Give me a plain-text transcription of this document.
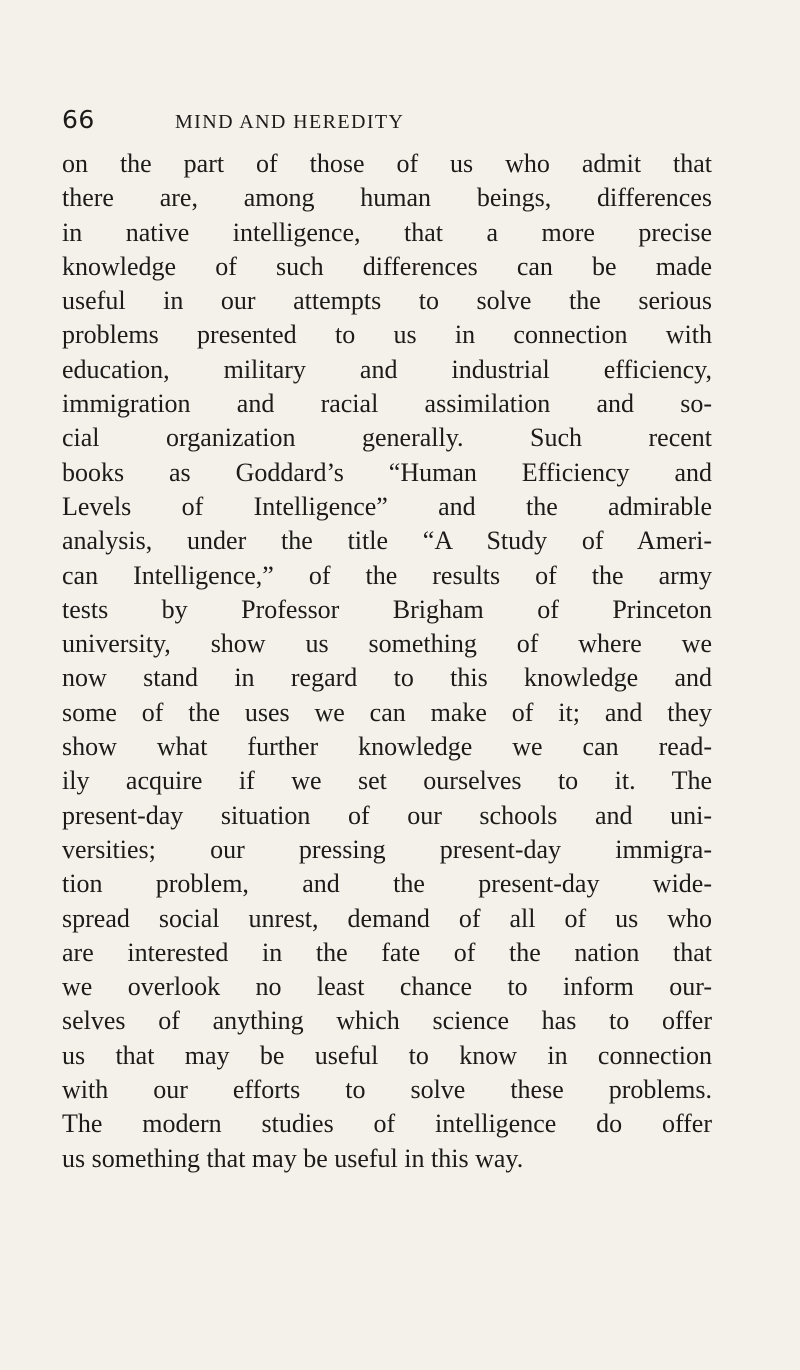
66	MIND AND HEREDITY
on the part of those of us who admit that
there are, among human beings, differences
in native intelligence, that a more precise
knowledge of such differences can be made
useful in our attempts to solve the serious
problems presented to us in connection with
education, military and industrial efficiency,
immigration and racial assimilation and so-
cial organization generally. Such recent
books as Goddard’s “Human Efficiency and
Levels of Intelligence” and the admirable
analysis, under the title “A Study of Ameri-
can Intelligence,” of the results of the army
tests by Professor Brigham of Princeton
university, show us something of where we
now stand in regard to this knowledge and
some of the uses we can make of it; and they
show what further knowledge we can read-
ily acquire if we set ourselves to it. The
present-day situation of our schools and uni-
versities; our pressing present-day immigra-
tion problem, and the present-day wide-
spread social unrest, demand of all of us who
are interested in the fate of the nation that
we overlook no least chance to inform our-
selves of anything which science has to offer
us that may be useful to know in connection
with our efforts to solve these problems.
The modern studies of intelligence do offer
us something that may be useful in this way.
